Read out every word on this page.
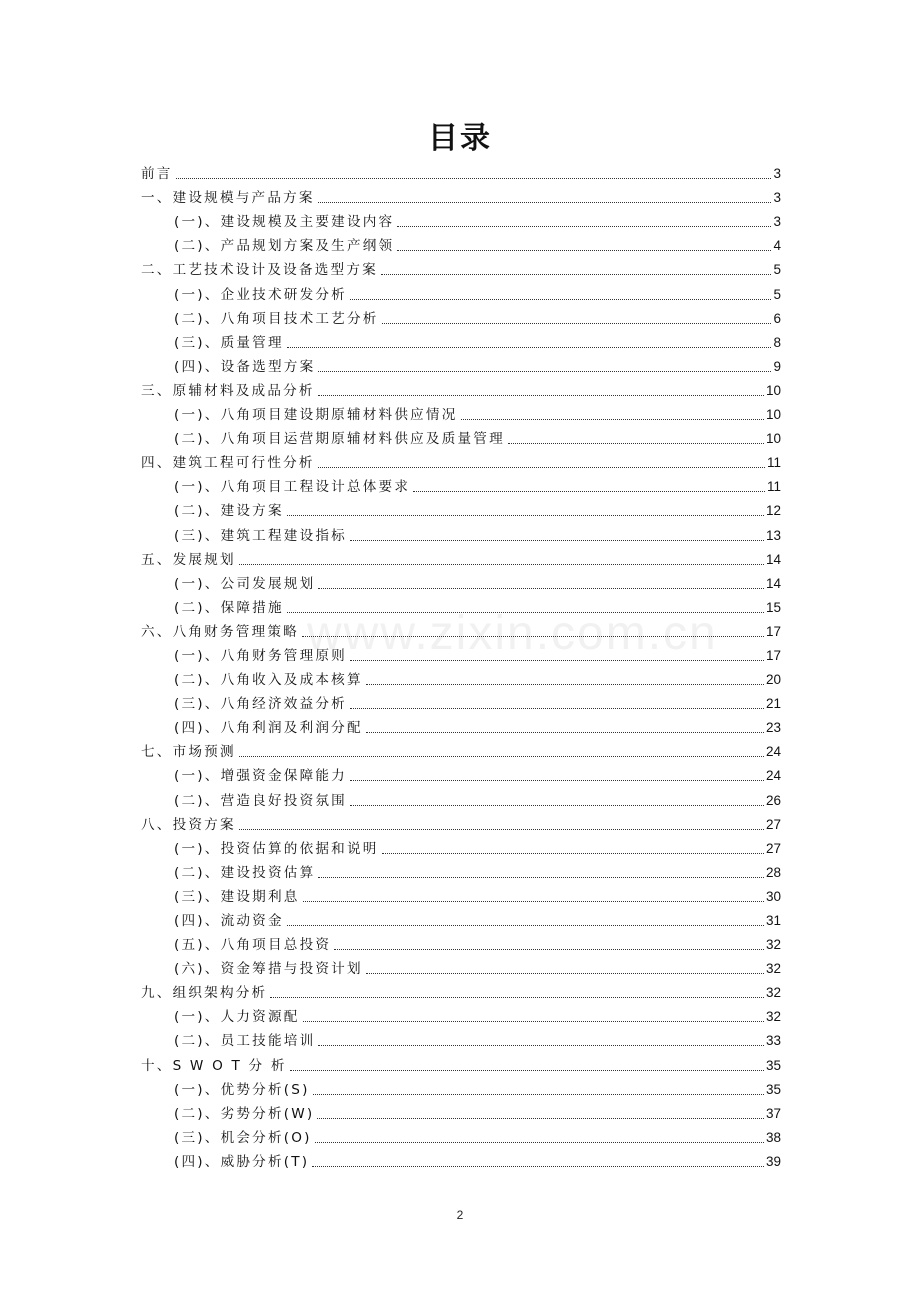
目录
www.zixin.com.cn
前言	3
一、建设规模与产品方案	3
(一)、建设规模及主要建设内容	3
(二)、产品规划方案及生产纲领	4
二、工艺技术设计及设备选型方案	5
(一)、企业技术研发分析	5
(二)、八角项目技术工艺分析	6
(三)、质量管理	8
(四)、设备选型方案	9
三、原辅材料及成品分析	10
(一)、八角项目建设期原辅材料供应情况	10
(二)、八角项目运营期原辅材料供应及质量管理	10
四、建筑工程可行性分析	11
(一)、八角项目工程设计总体要求	11
(二)、建设方案	12
(三)、建筑工程建设指标	13
五、发展规划	14
(一)、公司发展规划	14
(二)、保障措施	15
六、八角财务管理策略	17
(一)、八角财务管理原则	17
(二)、八角收入及成本核算	20
(三)、八角经济效益分析	21
(四)、八角利润及利润分配	23
七、市场预测	24
(一)、增强资金保障能力	24
(二)、营造良好投资氛围	26
八、投资方案	27
(一)、投资估算的依据和说明	27
(二)、建设投资估算	28
(三)、建设期利息	30
(四)、流动资金	31
(五)、八角项目总投资	32
(六)、资金筹措与投资计划	32
九、组织架构分析	32
(一)、人力资源配	32
(二)、员工技能培训	33
十、S W O T 分 析	35
(一)、优势分析(S)	35
(二)、劣势分析(W)	37
(三)、机会分析(O)	38
(四)、威胁分析(T)	39
2
